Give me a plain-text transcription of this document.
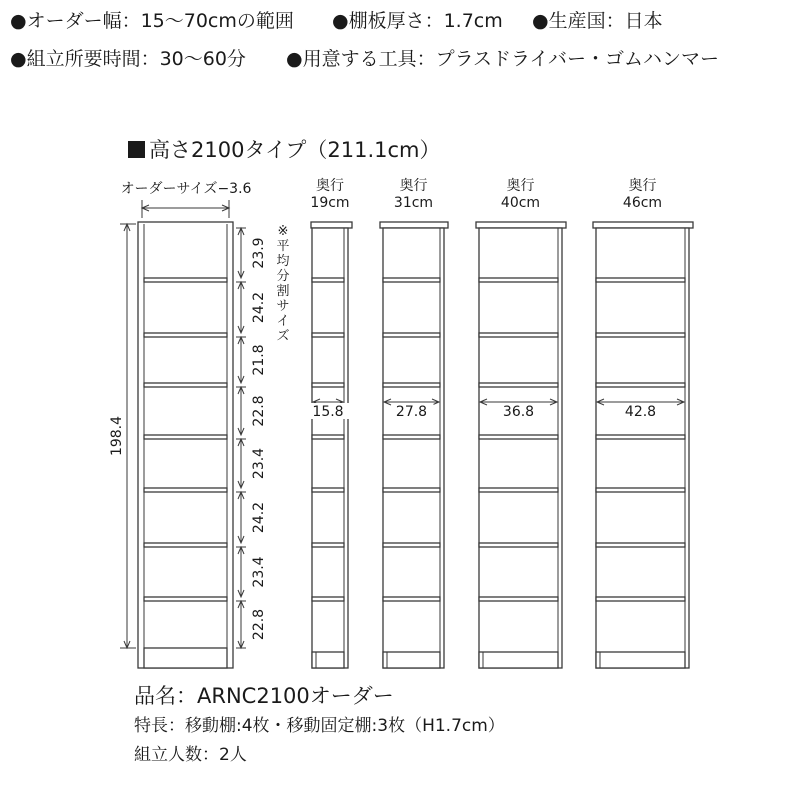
●オーダー幅：15〜70cmの範囲 ●棚板厚さ：1.7cm ●生産国：日本
●組立所要時間：30〜60分 ●用意する工具：プラスドライバー・ゴムハンマー
高さ2100タイプ（211.1cm）
オーダーサイズ−3.6
198.4
23.9
24.2
21.8
22.8
23.4
24.2
23.4
22.8
※
平
均
分
割
サ
イ
ズ
奥行
19cm
15.8
奥行
31cm
27.8
奥行
40cm
36.8
奥行
46cm
42.8
品名：ARNC2100オーダー
特長：移動棚:4枚・移動固定棚:3枚（H1.7cm）
組立人数：2人
